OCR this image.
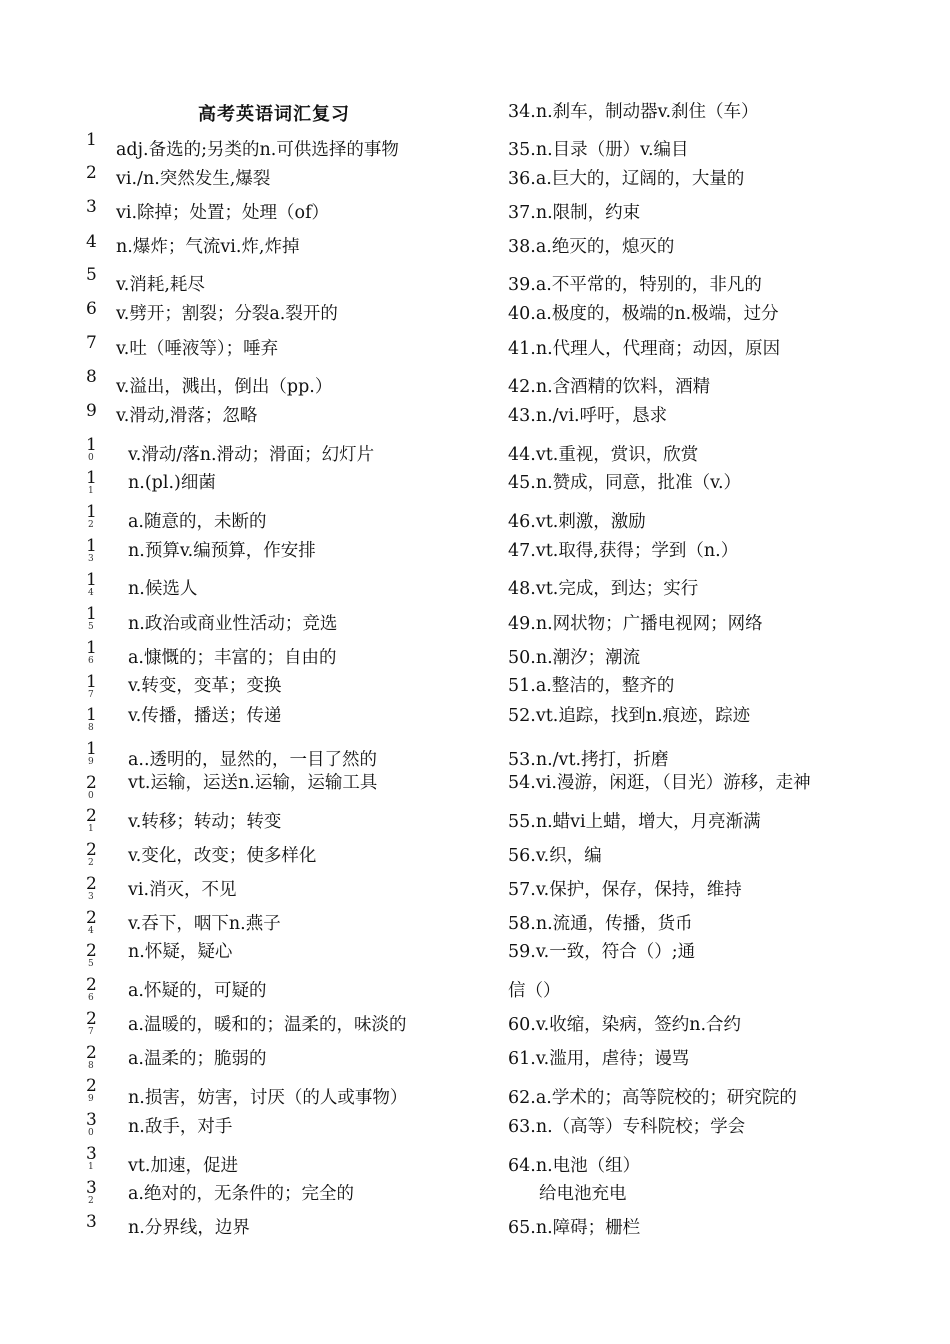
高考英语词汇复习
1
2
3
4
5
6
7
8
9
1
0
1
1
1
2
1
3
1
4
1
5
1
6
1
7
1
8
1
9
2
0
2
1
2
2
2
3
2
4
2
5
2
6
2
7
2
8
2
9
3
0
3
1
3
2
3
adj.备选的;另类的n.可供选择的事物
vi./n.突然发生,爆裂
vi.除掉；处置；处理（of）
n.爆炸；气流vi.炸,炸掉
v.消耗,耗尽
v.劈开；割裂；分裂a.裂开的
v.吐（唾液等）；唾弃
v.溢出，溅出，倒出（pp.）
v.滑动,滑落；忽略
v.滑动/落n.滑动；滑面；幻灯片
n.(pl.)细菌
a.随意的，未断的
n.预算v.编预算，作安排
n.候选人
n.政治或商业性活动；竞选
a.慷慨的；丰富的；自由的
v.转变，变革；变换
v.传播，播送；传递
a..透明的，显然的，一目了然的
vt.运输，运送n.运输，运输工具
v.转移；转动；转变
v.变化，改变；使多样化
vi.消灭，不见
v.吞下，咽下n.燕子
n.怀疑，疑心
a.怀疑的，可疑的
a.温暖的，暖和的；温柔的，味淡的
a.温柔的；脆弱的
n.损害，妨害，讨厌（的人或事物）
n.敌手，对手
vt.加速，促进
a.绝对的，无条件的；完全的
n.分界线，边界
34.n.刹车，制动器v.刹住（车）
35.n.目录（册）v.编目
36.a.巨大的，辽阔的，大量的
37.n.限制，约束
38.a.绝灭的，熄灭的
39.a.不平常的，特别的，非凡的
40.a.极度的，极端的n.极端，过分
41.n.代理人，代理商；动因，原因
42.n.含酒精的饮料，酒精
43.n./vi.呼吁，恳求
44.vt.重视，赏识，欣赏
45.n.赞成，同意，批准（v.）
46.vt.刺激，激励
47.vt.取得,获得；学到（n.）
48.vt.完成，到达；实行
49.n.网状物；广播电视网；网络
50.n.潮汐；潮流
51.a.整洁的，整齐的
52.vt.追踪，找到n.痕迹，踪迹
53.n./vt.拷打，折磨
54.vi.漫游，闲逛，（目光）游移，走神
55.n.蜡vi上蜡，增大，月亮渐满
56.v.织，编
57.v.保护，保存，保持，维持
58.n.流通，传播，货币
59.v.一致，符合（）;通
信（）
60.v.收缩，染病，签约n.合约
61.v.滥用，虐待；谩骂
62.a.学术的；高等院校的；研究院的
63.n.（高等）专科院校；学会
64.n.电池（组）
给电池充电
65.n.障碍；栅栏
